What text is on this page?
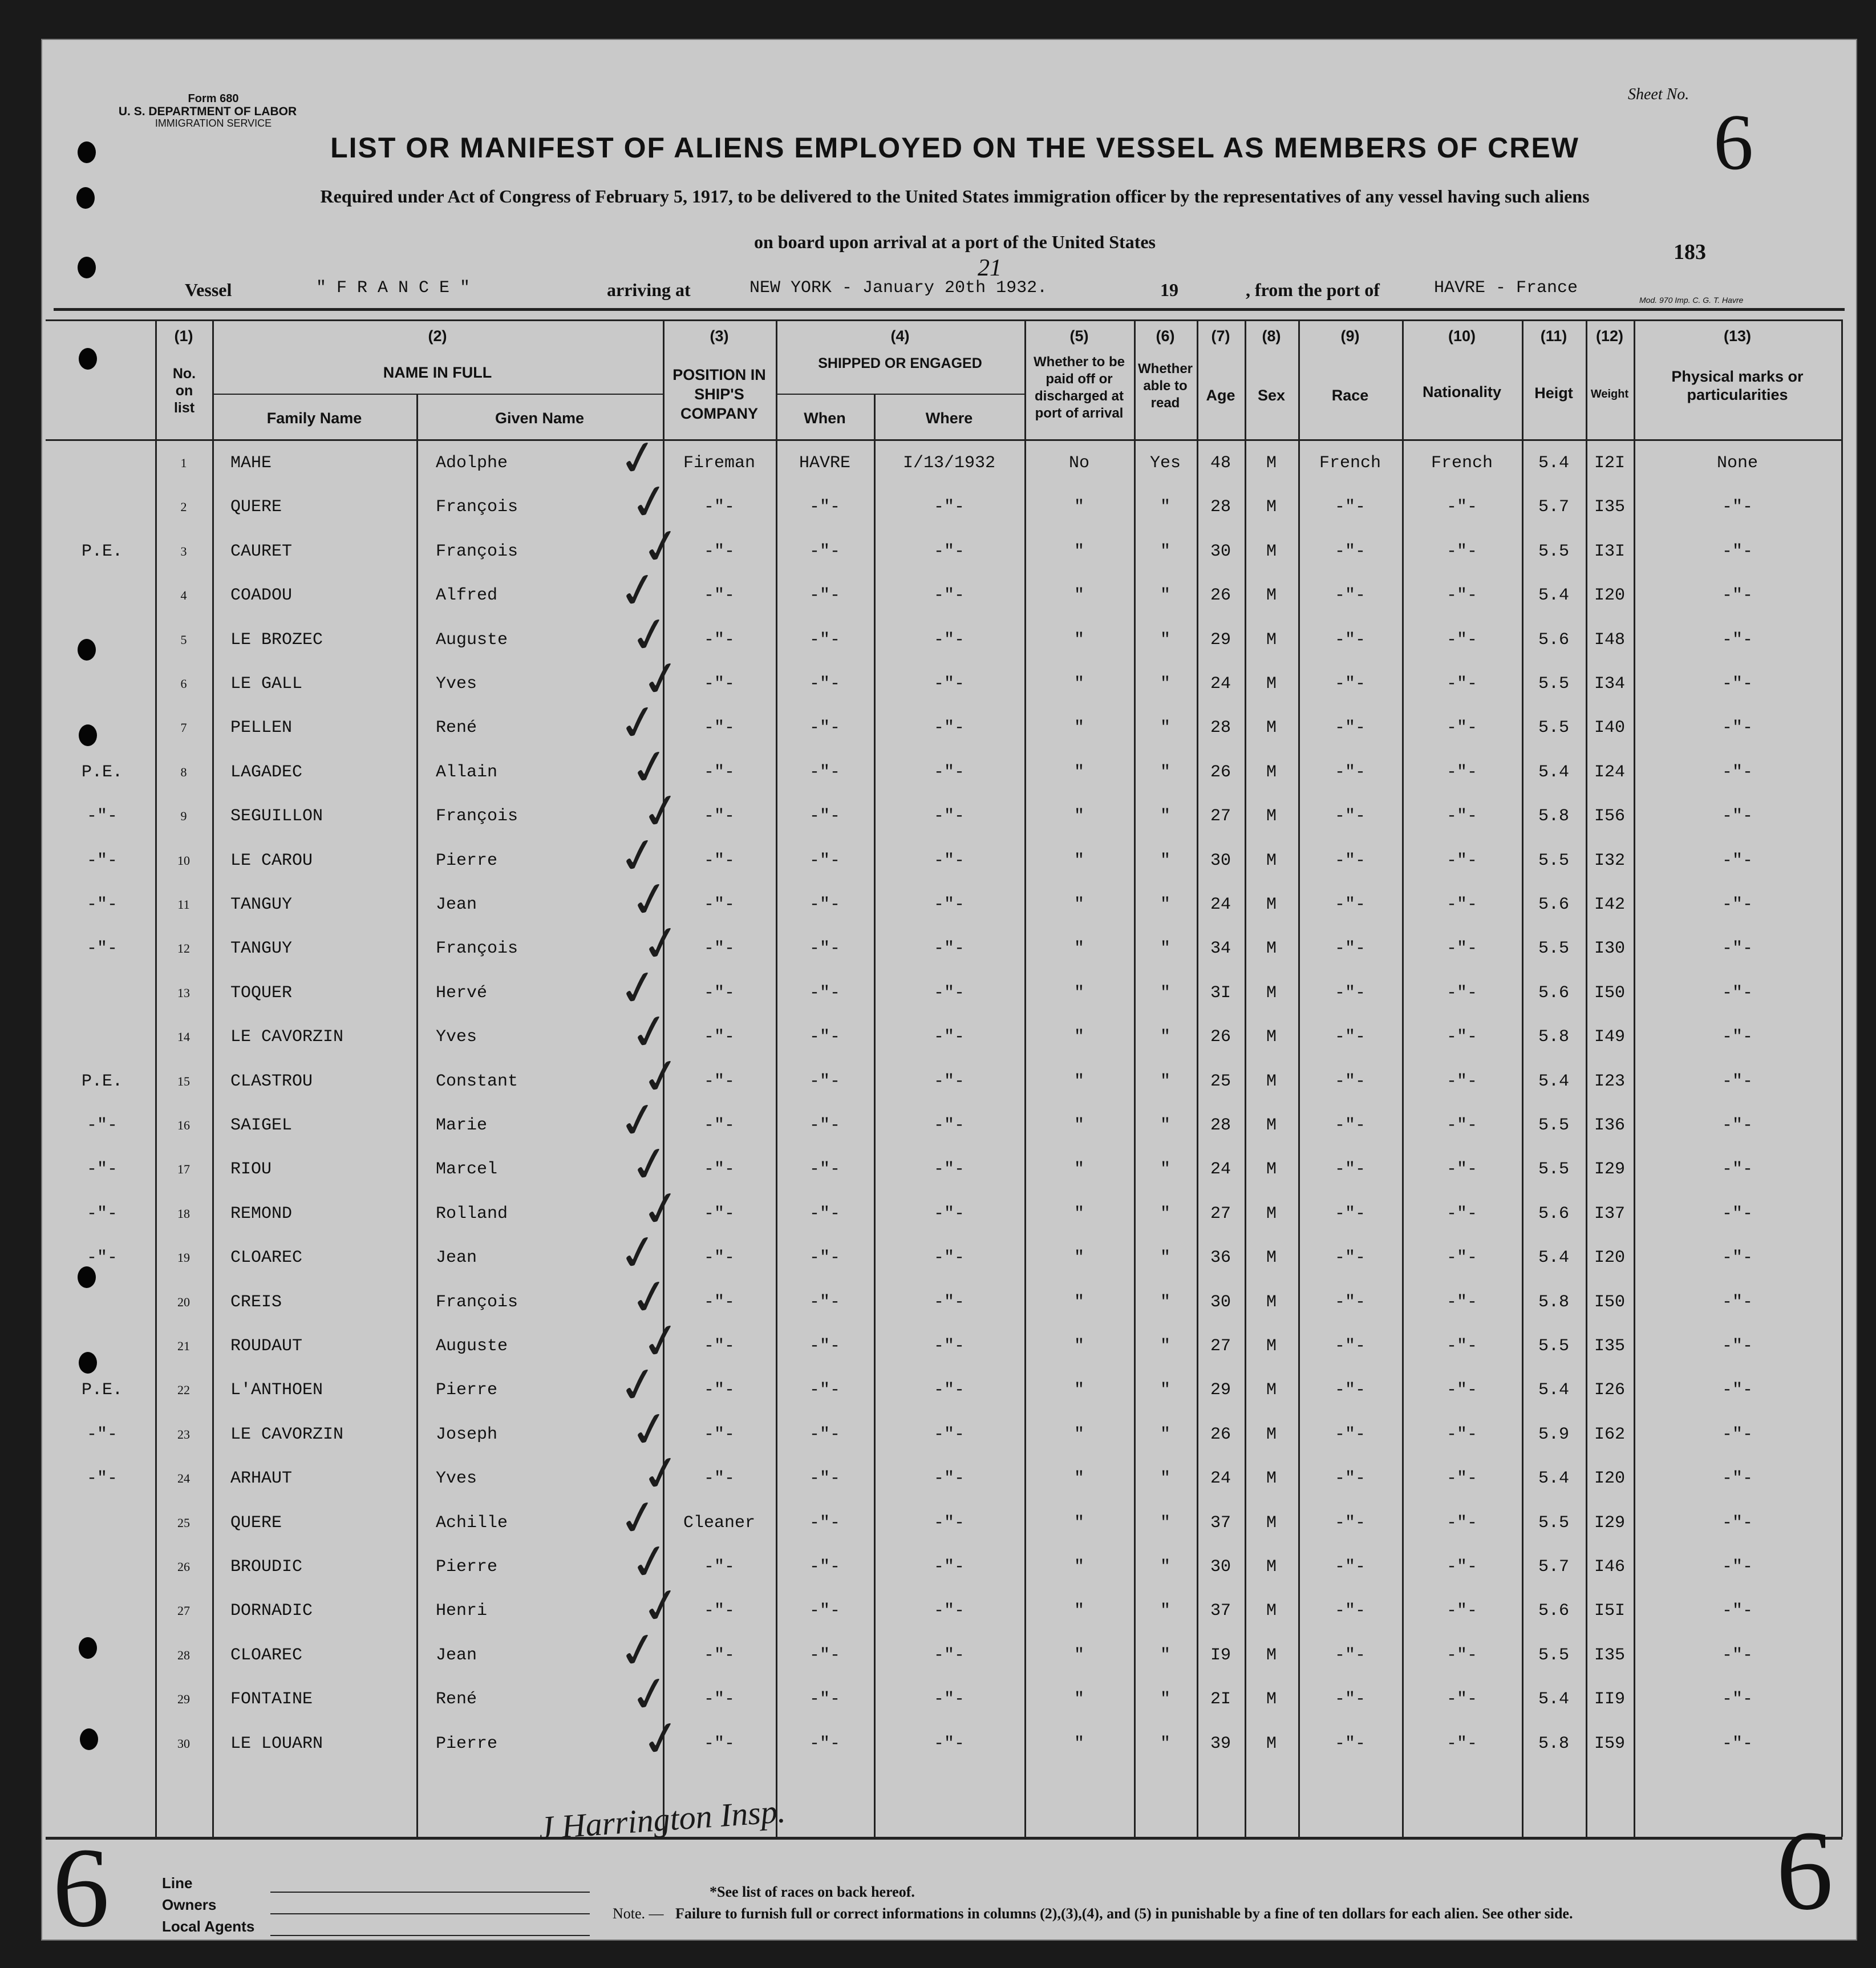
Form 680
U. S. DEPARTMENT OF LABOR
IMMIGRATION SERVICE
Sheet No.
6
LIST OR MANIFEST OF ALIENS EMPLOYED ON THE VESSEL AS MEMBERS OF CREW
Required under Act of Congress of February 5, 1917, to be delivered to the United States immigration officer by the representatives of any vessel having such aliens
on board upon arrival at a port of the United States	183
Vessel	" F R A N C E "	arriving at	NEW YORK - January 20th 1932.
21
19	, from the port of	HAVRE - France
Mod. 970 Imp. C. G. T. Havre
(1)
No. on list
(2)
NAME IN FULL
Family Name	Given Name
(3)
POSITION IN SHIP'S COMPANY
(4)
SHIPPED OR ENGAGED
When	Where
(5)
Whether to be paid off or discharged at port of arrival
(6)
Whether able to read
(7)
Age
(8)
Sex
(9)
Race
(10)
Nationality
(11)
Heigt
(12)
Weight
(13)
Physical marks or particularities
1	MAHE	Adolphe	Fireman	HAVRE	I/13/1932	No	Yes	48	M	French	French	5.4	I2I	None
✓
2	QUERE	François	-"-	-"-	-"-	"	"	28	M	-"-	-"-	5.7	I35	-"-
✓
P.E.	3	CAURET	François	-"-	-"-	-"-	"	"	30	M	-"-	-"-	5.5	I3I	-"-
✓
4	COADOU	Alfred	-"-	-"-	-"-	"	"	26	M	-"-	-"-	5.4	I20	-"-
✓
5	LE BROZEC	Auguste	-"-	-"-	-"-	"	"	29	M	-"-	-"-	5.6	I48	-"-
✓
6	LE GALL	Yves	-"-	-"-	-"-	"	"	24	M	-"-	-"-	5.5	I34	-"-
✓
7	PELLEN	René	-"-	-"-	-"-	"	"	28	M	-"-	-"-	5.5	I40	-"-
✓
P.E.	8	LAGADEC	Allain	-"-	-"-	-"-	"	"	26	M	-"-	-"-	5.4	I24	-"-
✓
-"-	9	SEGUILLON	François	-"-	-"-	-"-	"	"	27	M	-"-	-"-	5.8	I56	-"-
✓
-"-	10	LE CAROU	Pierre	-"-	-"-	-"-	"	"	30	M	-"-	-"-	5.5	I32	-"-
✓
-"-	11	TANGUY	Jean	-"-	-"-	-"-	"	"	24	M	-"-	-"-	5.6	I42	-"-
✓
-"-	12	TANGUY	François	-"-	-"-	-"-	"	"	34	M	-"-	-"-	5.5	I30	-"-
✓
13	TOQUER	Hervé	-"-	-"-	-"-	"	"	3I	M	-"-	-"-	5.6	I50	-"-
✓
14	LE CAVORZIN	Yves	-"-	-"-	-"-	"	"	26	M	-"-	-"-	5.8	I49	-"-
✓
P.E.	15	CLASTROU	Constant	-"-	-"-	-"-	"	"	25	M	-"-	-"-	5.4	I23	-"-
✓
-"-	16	SAIGEL	Marie	-"-	-"-	-"-	"	"	28	M	-"-	-"-	5.5	I36	-"-
✓
-"-	17	RIOU	Marcel	-"-	-"-	-"-	"	"	24	M	-"-	-"-	5.5	I29	-"-
✓
-"-	18	REMOND	Rolland	-"-	-"-	-"-	"	"	27	M	-"-	-"-	5.6	I37	-"-
✓
-"-	19	CLOAREC	Jean	-"-	-"-	-"-	"	"	36	M	-"-	-"-	5.4	I20	-"-
✓
20	CREIS	François	-"-	-"-	-"-	"	"	30	M	-"-	-"-	5.8	I50	-"-
✓
21	ROUDAUT	Auguste	-"-	-"-	-"-	"	"	27	M	-"-	-"-	5.5	I35	-"-
✓
P.E.	22	L'ANTHOEN	Pierre	-"-	-"-	-"-	"	"	29	M	-"-	-"-	5.4	I26	-"-
✓
-"-	23	LE CAVORZIN	Joseph	-"-	-"-	-"-	"	"	26	M	-"-	-"-	5.9	I62	-"-
✓
-"-	24	ARHAUT	Yves	-"-	-"-	-"-	"	"	24	M	-"-	-"-	5.4	I20	-"-
✓
25	QUERE	Achille	Cleaner	-"-	-"-	"	"	37	M	-"-	-"-	5.5	I29	-"-
✓
26	BROUDIC	Pierre	-"-	-"-	-"-	"	"	30	M	-"-	-"-	5.7	I46	-"-
✓
27	DORNADIC	Henri	-"-	-"-	-"-	"	"	37	M	-"-	-"-	5.6	I5I	-"-
✓
28	CLOAREC	Jean	-"-	-"-	-"-	"	"	I9	M	-"-	-"-	5.5	I35	-"-
✓
29	FONTAINE	René	-"-	-"-	-"-	"	"	2I	M	-"-	-"-	5.4	II9	-"-
✓
30	LE LOUARN	Pierre	-"-	-"-	-"-	"	"	39	M	-"-	-"-	5.8	I59	-"-
✓
6	Line
Owners
Local Agents
J Harrington Insp.
*See list of races on back hereof.
Note. — Failure to furnish full or correct informations in columns (2),(3),(4), and (5) in punishable by a fine of ten dollars for each alien. See other side.	6
